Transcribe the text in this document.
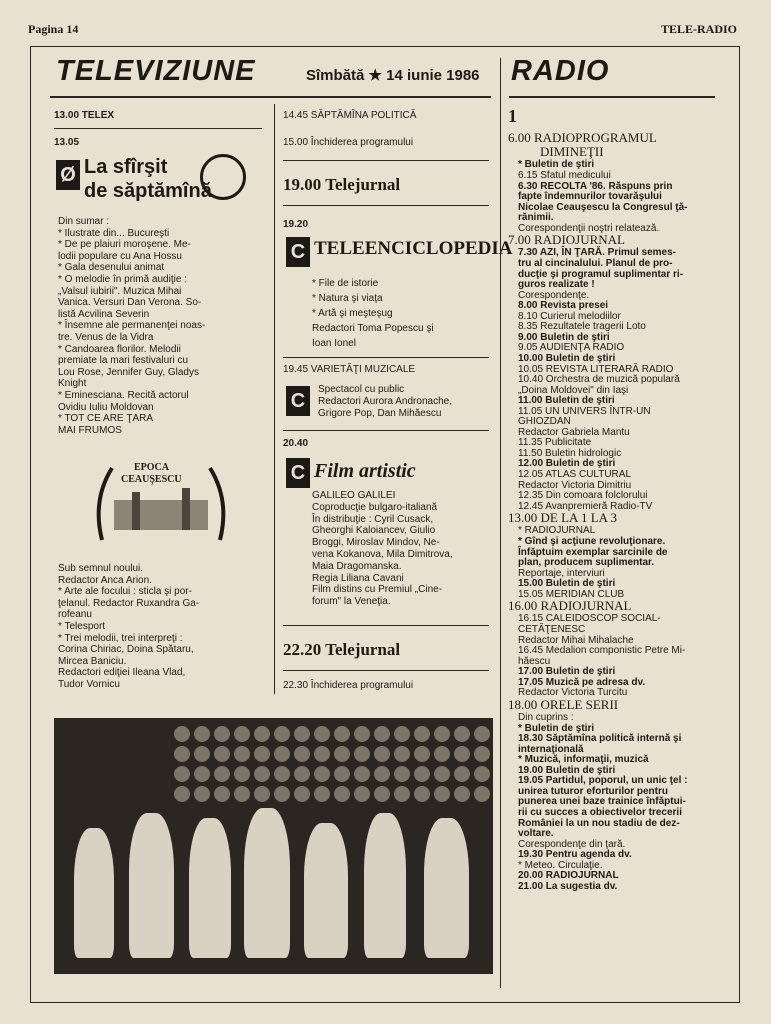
Pagina 14	TELE-RADIO
TELEVIZIUNE	Sîmbătă ★ 14 iunie 1986 RADIO
13.00 TELEX
13.05
Ø La sfîrşit
de săptămînă
Din sumar :
* Ilustrate din... Bucureşti
* De pe plaiuri moroşene. Me-
lodii populare cu Ana Hossu
* Gala desenului animat
* O melodie în primă audiţie :
„Valsul iubirii". Muzica Mihai
Vanica. Versuri Dan Verona. So-
listă Acvilina Severin
* Însemne ale permanenţei noas-
tre. Venus de la Vidra
* Candoarea florilor. Melodii
premiate la mari festivaluri cu
Lou Rose, Jennifer Guy, Gladys
Knight
* Eminesciana. Recită actorul
Ovidiu Iuliu Moldovan
* TOT CE ARE ŢARA
MAI FRUMOS
EPOCA
CEAUŞESCU
Sub semnul noului.
Redactor Anca Arion.
* Arte ale focului : sticla şi por-
ţelanul. Redactor Ruxandra Ga-
rofeanu
* Telesport
* Trei melodii, trei interpreţi :
Corina Chiriac, Doina Spătaru,
Mircea Baniciu.
Redactori ediţiei Ileana Vlad,
Tudor Vornicu
14.45 SĂPTĂMÎNA POLITICĂ
15.00 Închiderea programului
19.00 Telejurnal
19.20
C TELEENCICLOPEDIA
* File de istorie
* Natura şi viaţa
* Artă şi meşteşug
Redactori Toma Popescu şi
Ioan Ionel
19.45 VARIETĂŢI MUZICALE
C
Spectacol cu public
Redactori Aurora Andronache,
Grigore Pop, Dan Mihăescu
20.40
C Film artistic
GALILEO GALILEI
Coproducţie bulgaro-italiană
În distribuţie : Cyril Cusack,
Gheorghi Kaloiancev, Giulio
Broggi, Miroslav Mindov, Ne-
vena Kokanova, Mila Dimitrova,
Maia Dragomanska.
Regia Liliana Cavani
Film distins cu Premiul „Cine-
forum" la Veneţia.
22.20 Telejurnal
22.30 Închiderea programului
1
6.00 RADIOPROGRAMUL
DIMINEŢII
* Buletin de ştiri
6.15 Sfatul medicului
6.30 RECOLTA '86. Răspuns prin
fapte îndemnurilor tovarăşului
Nicolae Ceauşescu la Congresul ţă-
rănimii.
Corespondenţii noştri relatează.
7.00 RADIOJURNAL
7.30 AZI, ÎN ŢARĂ. Primul semes-
tru al cincinalului. Planul de pro-
ducţie şi programul suplimentar ri-
guros realizate !
Corespondenţe.
8.00 Revista presei
8.10 Curierul melodiilor
8.35 Rezultatele tragerii Loto
9.00 Buletin de ştiri
9.05 AUDIENŢA RADIO
10.00 Buletin de ştiri
10.05 REVISTA LITERARĂ RADIO
10.40 Orchestra de muzică populară
„Doina Moldovei" din Iaşi
11.00 Buletin de ştiri
11.05 UN UNIVERS ÎNTR-UN
GHIOZDAN
Redactor Gabriela Mantu
11.35 Publicitate
11.50 Buletin hidrologic
12.00 Buletin de ştiri
12.05 ATLAS CULTURAL
Redactor Victoria Dimitriu
12.35 Din comoara folclorului
12.45 Avanpremieră Radio-TV
13.00 DE LA 1 LA 3
* RADIOJURNAL
* Gînd şi acţiune revoluţionare.
Înfăptuim exemplar sarcinile de
plan, producem suplimentar.
Reportaje, interviuri
15.00 Buletin de ştiri
15.05 MERIDIAN CLUB
16.00 RADIOJURNAL
16.15 CALEIDOSCOP SOCIAL-
CETĂŢENESC
Redactor Mihai Mihalache
16.45 Medalion componistic Petre Mi-
hăescu
17.00 Buletin de ştiri
17.05 Muzică pe adresa dv.
Redactor Victoria Turcitu
18.00 ORELE SERII
Din cuprins :
* Buletin de ştiri
18.30 Săptămîna politică internă şi
internaţională
* Muzică, informaţii, muzică
19.00 Buletin de ştiri
19.05 Partidul, poporul, un unic ţel :
unirea tuturor eforturilor pentru
punerea unei baze trainice înfăptui-
rii cu succes a obiectivelor trecerii
României la un nou stadiu de dez-
voltare.
Corespondenţe din ţară.
19.30 Pentru agenda dv.
* Meteo. Circulaţie.
20.00 RADIOJURNAL
21.00 La sugestia dv.
